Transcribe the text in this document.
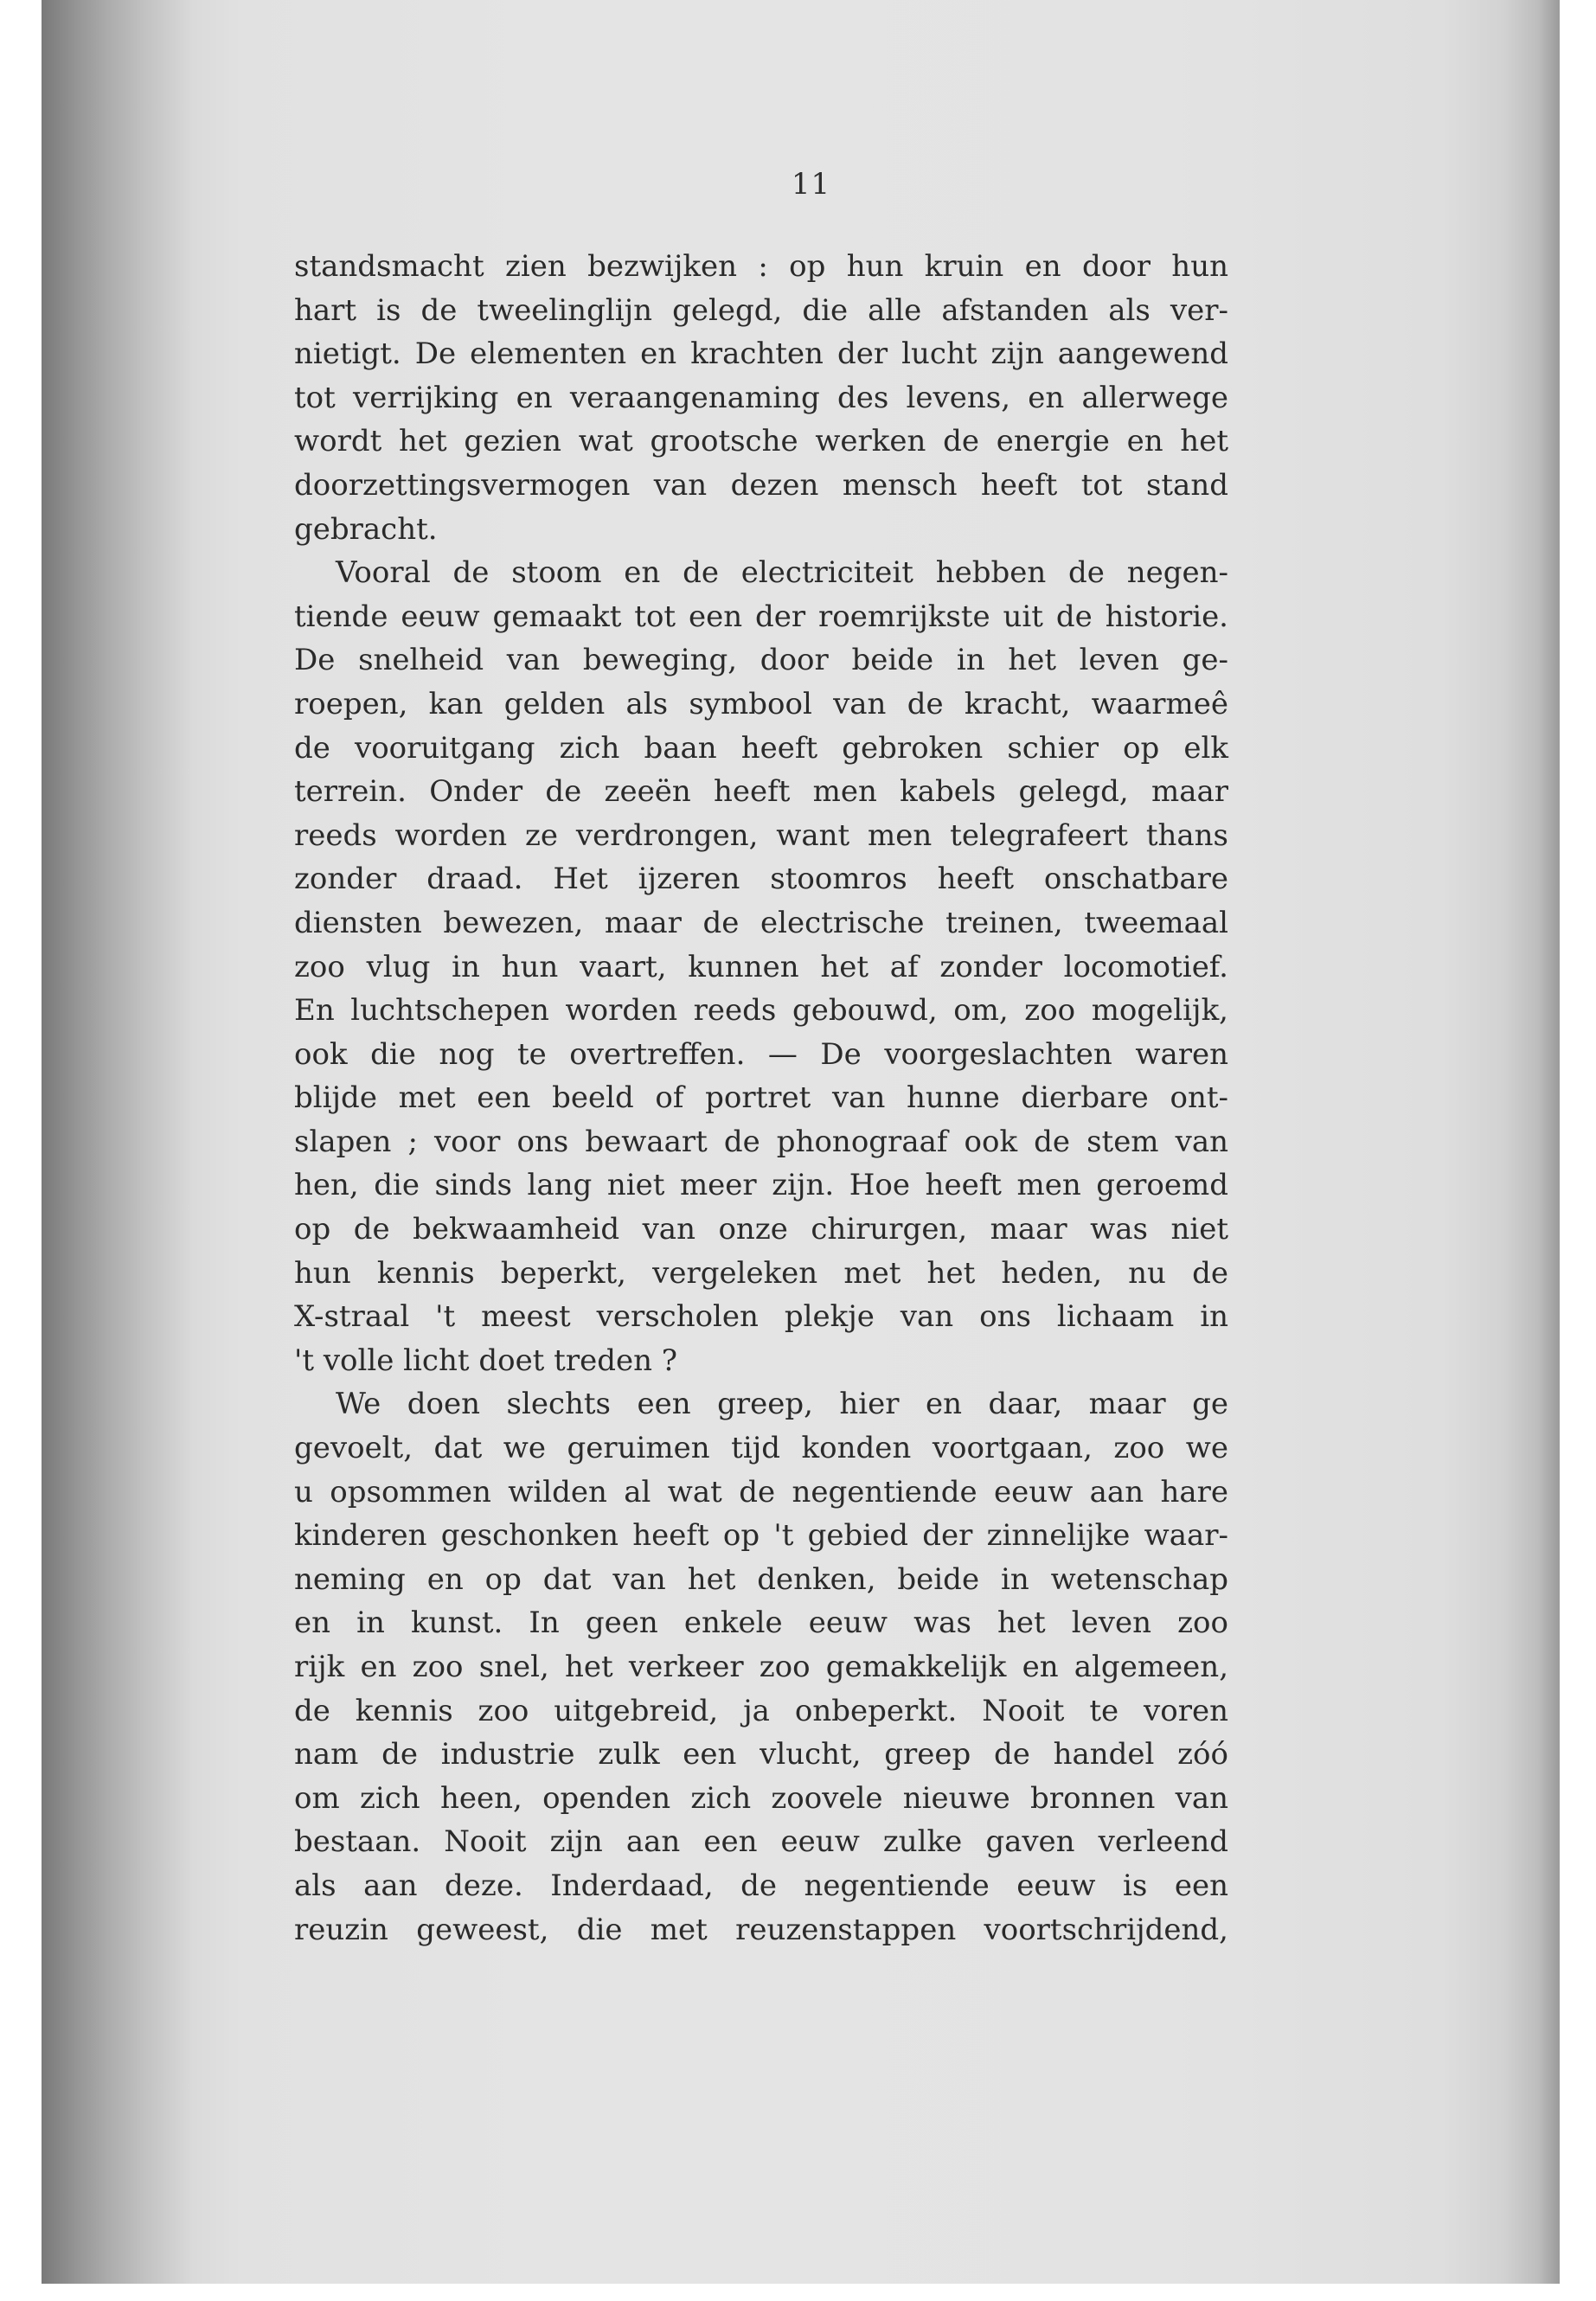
11
standsmacht zien bezwijken : op hun kruin en door hun
hart is de tweelinglijn gelegd, die alle afstanden als ver-
nietigt. De elementen en krachten der lucht zijn aangewend
tot verrijking en veraangenaming des levens, en allerwege
wordt het gezien wat grootsche werken de energie en het
doorzettingsvermogen van dezen mensch heeft tot stand
gebracht.
Vooral de stoom en de electriciteit hebben de negen-
tiende eeuw gemaakt tot een der roemrijkste uit de historie.
De snelheid van beweging, door beide in het leven ge-
roepen, kan gelden als symbool van de kracht, waarmeê
de vooruitgang zich baan heeft gebroken schier op elk
terrein. Onder de zeeën heeft men kabels gelegd, maar
reeds worden ze verdrongen, want men telegrafeert thans
zonder draad. Het ijzeren stoomros heeft onschatbare
diensten bewezen, maar de electrische treinen, tweemaal
zoo vlug in hun vaart, kunnen het af zonder locomotief.
En luchtschepen worden reeds gebouwd, om, zoo mogelijk,
ook die nog te overtreffen. — De voorgeslachten waren
blijde met een beeld of portret van hunne dierbare ont-
slapen ; voor ons bewaart de phonograaf ook de stem van
hen, die sinds lang niet meer zijn. Hoe heeft men geroemd
op de bekwaamheid van onze chirurgen, maar was niet
hun kennis beperkt, vergeleken met het heden, nu de
X-straal 't meest verscholen plekje van ons lichaam in
't volle licht doet treden ?
We doen slechts een greep, hier en daar, maar ge
gevoelt, dat we geruimen tijd konden voortgaan, zoo we
u opsommen wilden al wat de negentiende eeuw aan hare
kinderen geschonken heeft op 't gebied der zinnelijke waar-
neming en op dat van het denken, beide in wetenschap
en in kunst. In geen enkele eeuw was het leven zoo
rijk en zoo snel, het verkeer zoo gemakkelijk en algemeen,
de kennis zoo uitgebreid, ja onbeperkt. Nooit te voren
nam de industrie zulk een vlucht, greep de handel zóó
om zich heen, openden zich zoovele nieuwe bronnen van
bestaan. Nooit zijn aan een eeuw zulke gaven verleend
als aan deze. Inderdaad, de negentiende eeuw is een
reuzin geweest, die met reuzenstappen voortschrijdend,
